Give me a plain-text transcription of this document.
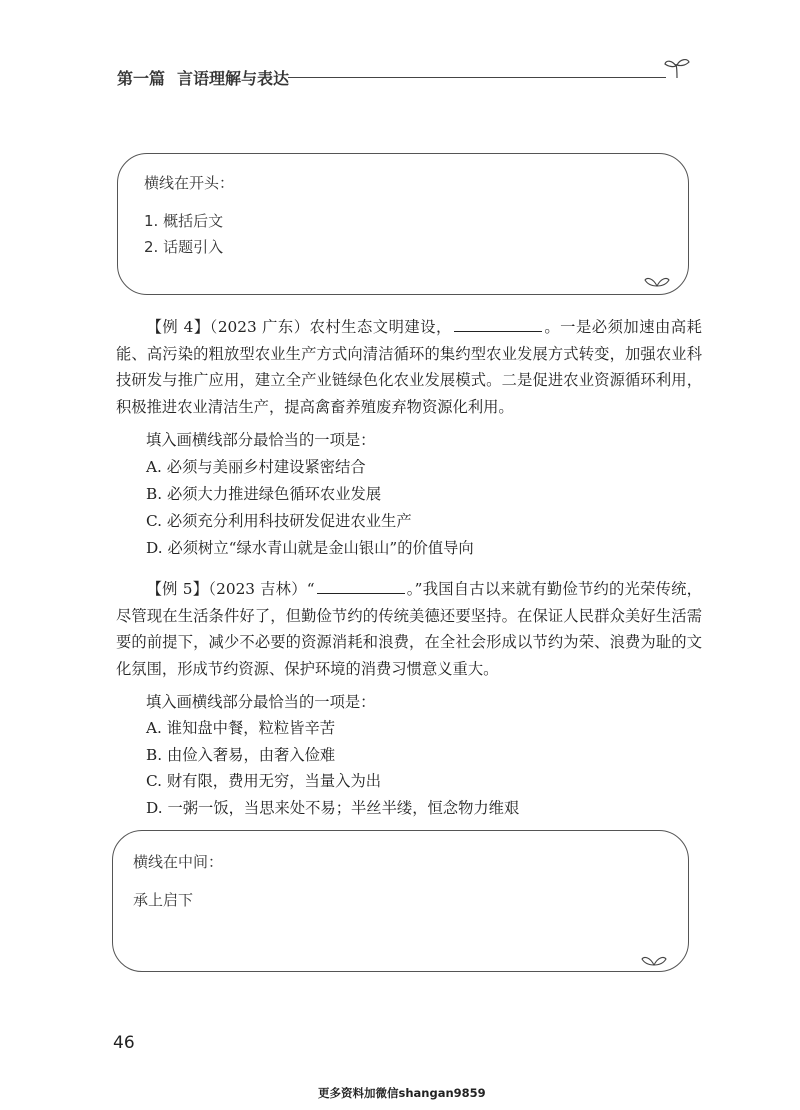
第一篇 言语理解与表达
横线在开头：
1. 概括后文
2. 话题引入
【例 4】（2023 广东）农村生态文明建设，	。一是必须加速由高耗能、高污染的粗放型农业生产方式向清洁循环的集约型农业发展方式转变，加强农业科技研发与推广应用，建立全产业链绿色化农业发展模式。二是促进农业资源循环利用，积极推进农业清洁生产，提高禽畜养殖废弃物资源化利用。
填入画横线部分最恰当的一项是：
A. 必须与美丽乡村建设紧密结合
B. 必须大力推进绿色循环农业发展
C. 必须充分利用科技研发促进农业生产
D. 必须树立“绿水青山就是金山银山”的价值导向
【例 5】（2023 吉林）“	。”我国自古以来就有勤俭节约的光荣传统，尽管现在生活条件好了，但勤俭节约的传统美德还要坚持。在保证人民群众美好生活需要的前提下，减少不必要的资源消耗和浪费，在全社会形成以节约为荣、浪费为耻的文化氛围，形成节约资源、保护环境的消费习惯意义重大。
填入画横线部分最恰当的一项是：
A. 谁知盘中餐，粒粒皆辛苦
B. 由俭入奢易，由奢入俭难
C. 财有限，费用无穷，当量入为出
D. 一粥一饭，当思来处不易；半丝半缕，恒念物力维艰
横线在中间：
承上启下
46
更多资料加微信shangan9859
